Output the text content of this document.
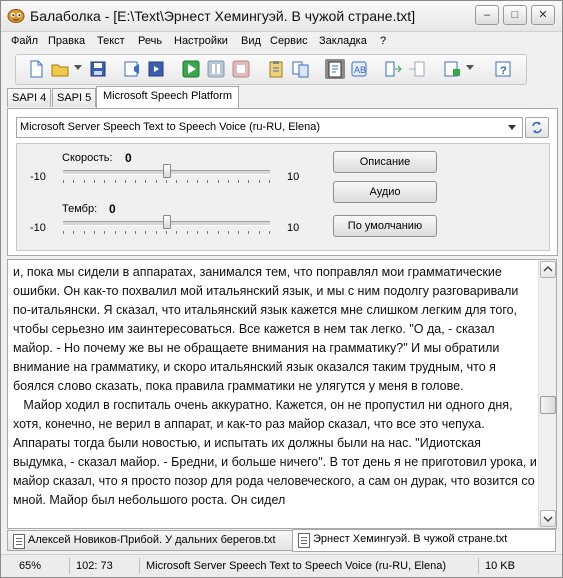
Балаболка - [E:\Text\Эрнест Хемингуэй. В чужой стране.txt]	–	□	✕
Файл Правка Текст Речь Настройки Вид Сервис Закладка ?
AB	?
SAPI 4 SAPI 5	Microsoft Speech Platform
Microsoft Server Speech Text to Speech Voice (ru-RU, Elena)
Скорость: 0
-10	10
Тембр: 0
-10	10
Описание
Аудио
По умолчанию

и, пока мы сидели в аппаратах, занимался тем, что поправлял мои грамматические ошибки. Он как-то похвалил мой итальянский язык, и мы с ним подолгу разговаривали по-итальянски. Я сказал, что итальянский язык кажется мне слишком легким для того, чтобы серьезно им заинтересоваться. Все кажется в нем так легко. "О да, - сказал майор. - Но почему же вы не обращаете внимания на грамматику?" И мы обратили внимание на грамматику, и скоро итальянский язык оказался таким трудным, что я боялся слово сказать, пока правила грамматики не улягутся у меня в голове.

Майор ходил в госпиталь очень аккуратно. Кажется, он не пропустил ни одного дня, хотя, конечно, не верил в аппарат, и как-то раз майор сказал, что все это чепуха. Аппараты тогда были новостью, и испытать их должны были на нас. "Идиотская выдумка, - сказал майор. - Бредни, и больше ничего". В тот день я не приготовил урока, и майор сказал, что я просто позор для рода человеческого, а сам он дурак, что возится со мной. Майор был небольшого роста. Он сидел

Алексей Новиков-Прибой. У дальних берегов.txt	Эрнест Хемингуэй. В чужой стране.txt
65%	102: 73	Microsoft Server Speech Text to Speech Voice (ru-RU, Elena)	10 KB
